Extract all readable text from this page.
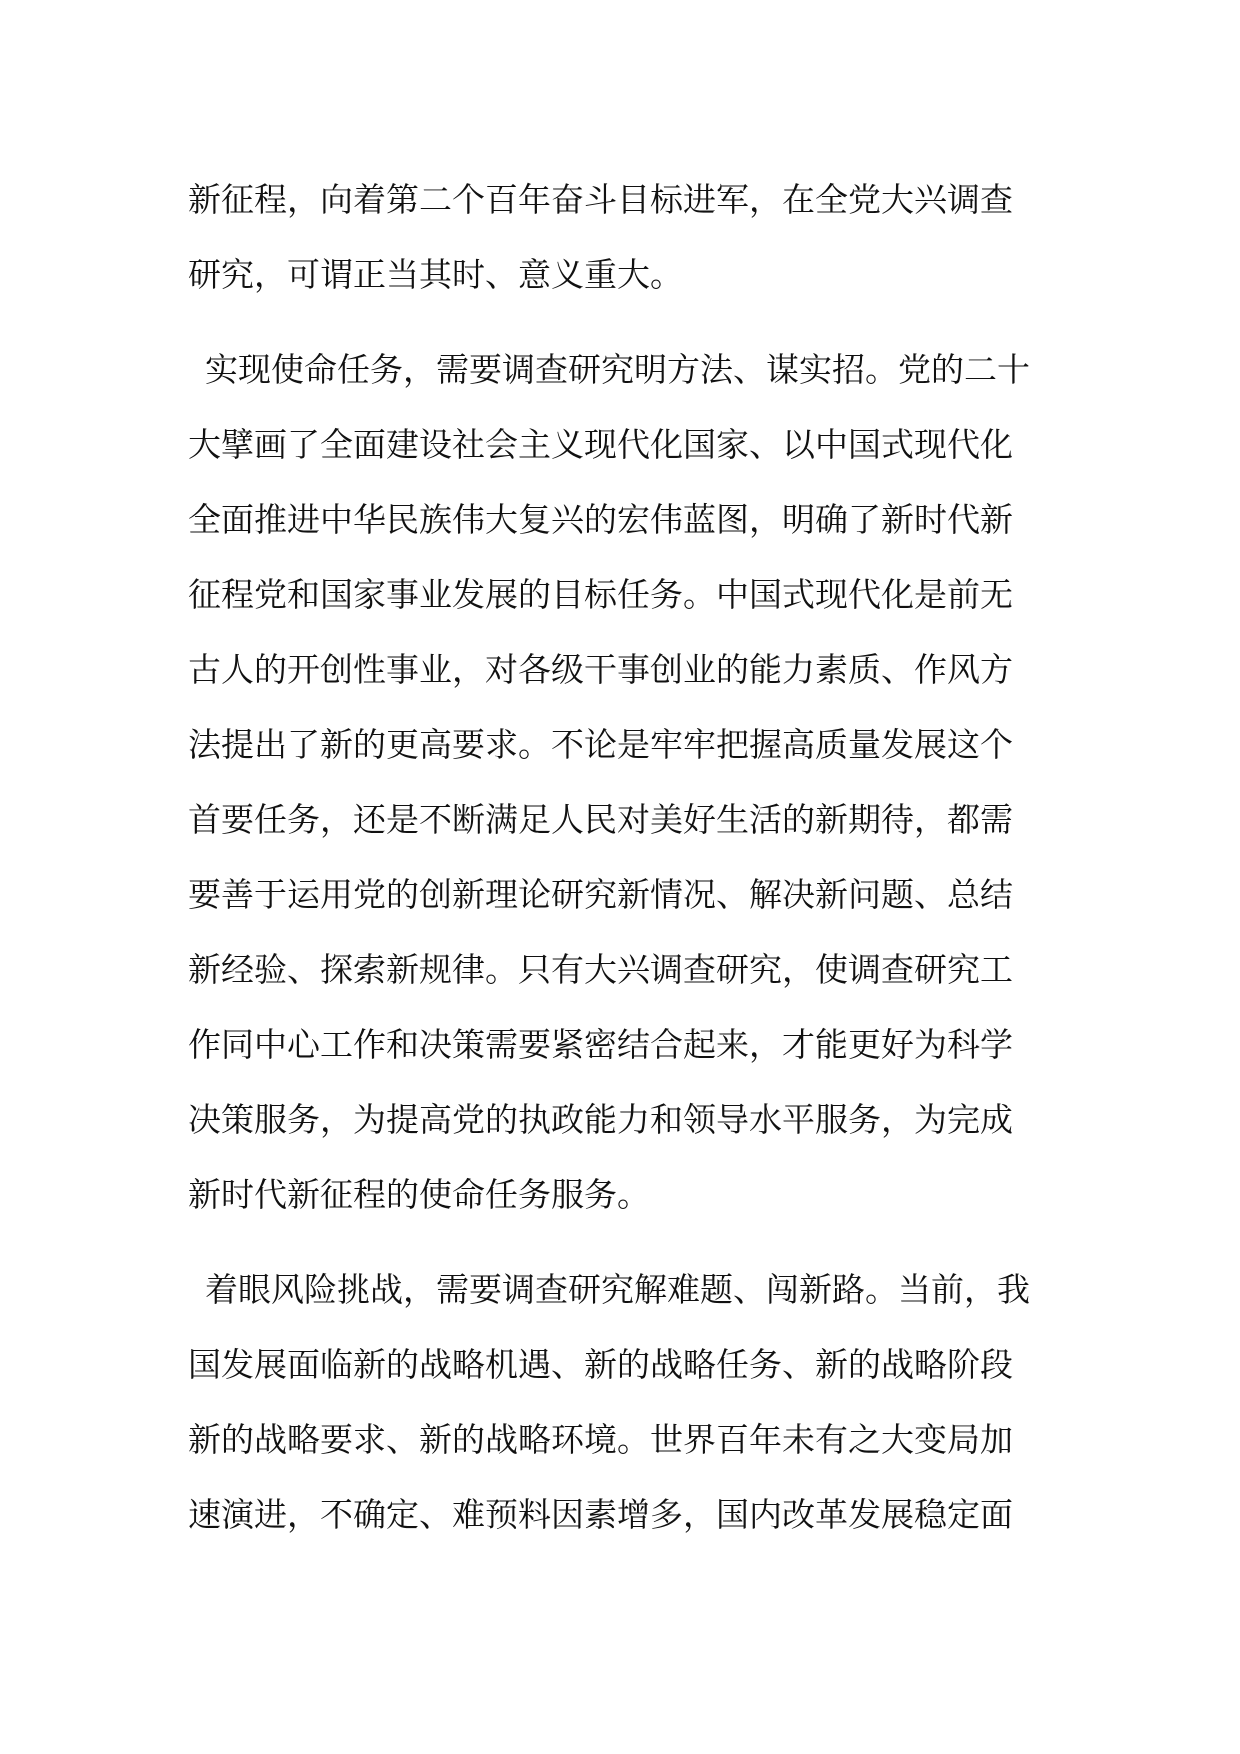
新征程，向着第二个百年奋斗目标进军，在全党大兴调查
研究，可谓正当其时、意义重大。
实现使命任务，需要调查研究明方法、谋实招。党的二十
大擘画了全面建设社会主义现代化国家、以中国式现代化
全面推进中华民族伟大复兴的宏伟蓝图，明确了新时代新
征程党和国家事业发展的目标任务。中国式现代化是前无
古人的开创性事业，对各级干事创业的能力素质、作风方
法提出了新的更高要求。不论是牢牢把握高质量发展这个
首要任务，还是不断满足人民对美好生活的新期待，都需
要善于运用党的创新理论研究新情况、解决新问题、总结
新经验、探索新规律。只有大兴调查研究，使调查研究工
作同中心工作和决策需要紧密结合起来，才能更好为科学
决策服务，为提高党的执政能力和领导水平服务，为完成
新时代新征程的使命任务服务。
着眼风险挑战，需要调查研究解难题、闯新路。当前，我
国发展面临新的战略机遇、新的战略任务、新的战略阶段
新的战略要求、新的战略环境。世界百年未有之大变局加
速演进，不确定、难预料因素增多，国内改革发展稳定面
